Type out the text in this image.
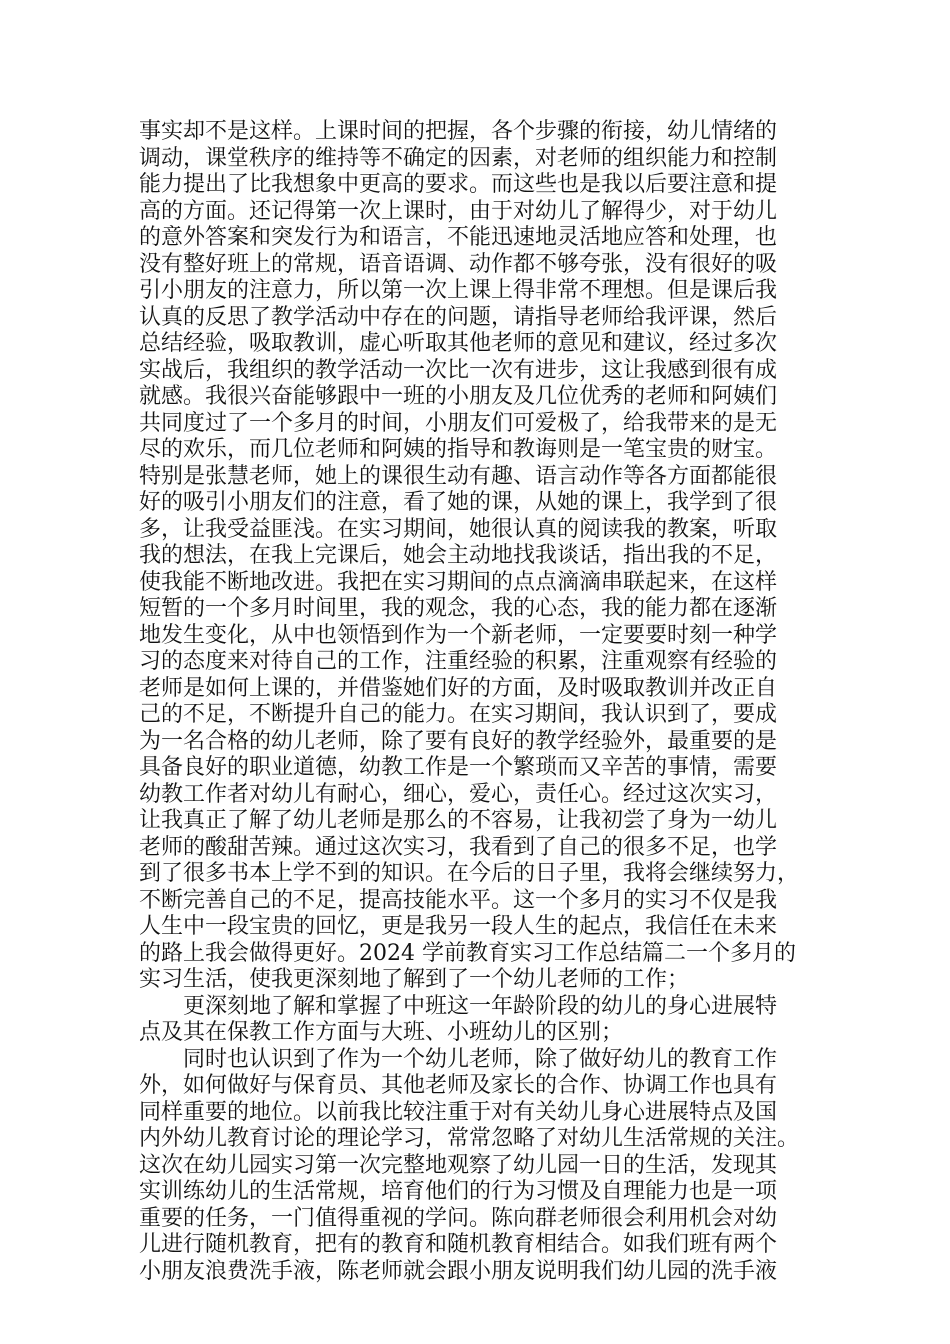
事实却不是这样。上课时间的把握，各个步骤的衔接，幼儿情绪的
调动，课堂秩序的维持等不确定的因素，对老师的组织能力和控制
能力提出了比我想象中更高的要求。而这些也是我以后要注意和提
高的方面。还记得第一次上课时，由于对幼儿了解得少，对于幼儿
的意外答案和突发行为和语言，不能迅速地灵活地应答和处理，也
没有整好班上的常规，语音语调、动作都不够夸张，没有很好的吸
引小朋友的注意力，所以第一次上课上得非常不理想。但是课后我
认真的反思了教学活动中存在的问题，请指导老师给我评课，然后
总结经验，吸取教训，虚心听取其他老师的意见和建议，经过多次
实战后，我组织的教学活动一次比一次有进步，这让我感到很有成
就感。我很兴奋能够跟中一班的小朋友及几位优秀的老师和阿姨们
共同度过了一个多月的时间，小朋友们可爱极了，给我带来的是无
尽的欢乐，而几位老师和阿姨的指导和教诲则是一笔宝贵的财宝。
特别是张慧老师，她上的课很生动有趣、语言动作等各方面都能很
好的吸引小朋友们的注意，看了她的课，从她的课上，我学到了很
多，让我受益匪浅。在实习期间，她很认真的阅读我的教案，听取
我的想法，在我上完课后，她会主动地找我谈话，指出我的不足，
使我能不断地改进。我把在实习期间的点点滴滴串联起来，在这样
短暂的一个多月时间里，我的观念，我的心态，我的能力都在逐渐
地发生变化，从中也领悟到作为一个新老师，一定要要时刻一种学
习的态度来对待自己的工作，注重经验的积累，注重观察有经验的
老师是如何上课的，并借鉴她们好的方面，及时吸取教训并改正自
己的不足，不断提升自己的能力。在实习期间，我认识到了，要成
为一名合格的幼儿老师，除了要有良好的教学经验外，最重要的是
具备良好的职业道德，幼教工作是一个繁琐而又辛苦的事情，需要
幼教工作者对幼儿有耐心，细心，爱心，责任心。经过这次实习，
让我真正了解了幼儿老师是那么的不容易，让我初尝了身为一幼儿
老师的酸甜苦辣。通过这次实习，我看到了自己的很多不足，也学
到了很多书本上学不到的知识。在今后的日子里，我将会继续努力，
不断完善自己的不足，提高技能水平。这一个多月的实习不仅是我
人生中一段宝贵的回忆，更是我另一段人生的起点，我信任在未来
的路上我会做得更好。2024 学前教育实习工作总结篇二一个多月的
实习生活，使我更深刻地了解到了一个幼儿老师的工作；
更深刻地了解和掌握了中班这一年龄阶段的幼儿的身心进展特
点及其在保教工作方面与大班、小班幼儿的区别；
同时也认识到了作为一个幼儿老师，除了做好幼儿的教育工作
外，如何做好与保育员、其他老师及家长的合作、协调工作也具有
同样重要的地位。以前我比较注重于对有关幼儿身心进展特点及国
内外幼儿教育讨论的理论学习，常常忽略了对幼儿生活常规的关注。
这次在幼儿园实习第一次完整地观察了幼儿园一日的生活，发现其
实训练幼儿的生活常规，培育他们的行为习惯及自理能力也是一项
重要的任务，一门值得重视的学问。陈向群老师很会利用机会对幼
儿进行随机教育，把有的教育和随机教育相结合。如我们班有两个
小朋友浪费洗手液，陈老师就会跟小朋友说明我们幼儿园的洗手液
